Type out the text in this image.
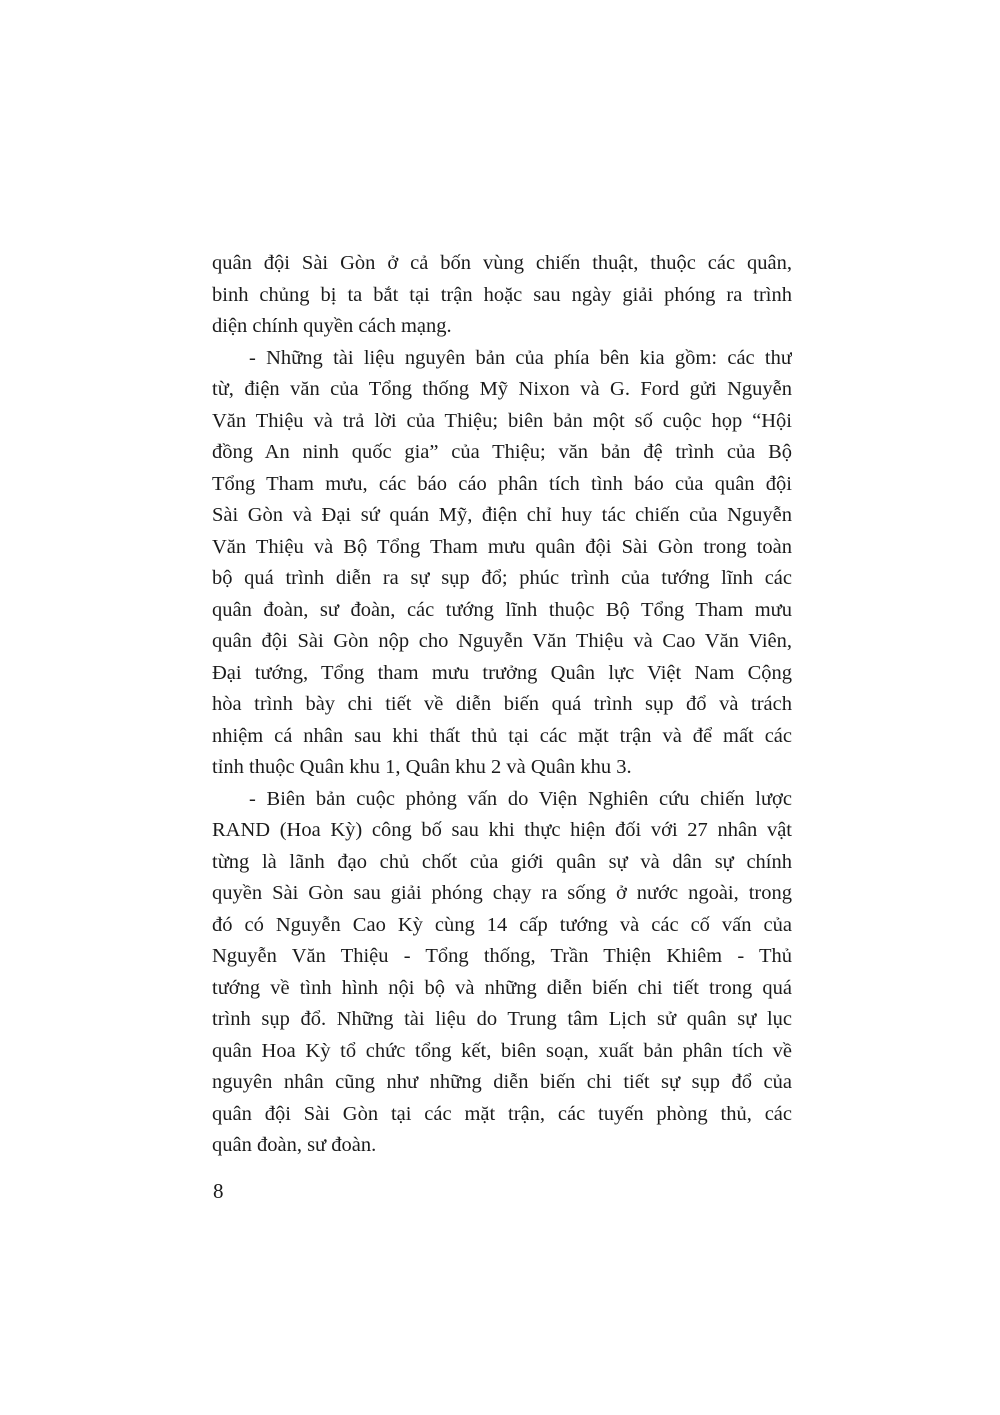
quân đội Sài Gòn ở cả bốn vùng chiến thuật, thuộc các quân,
binh chủng bị ta bắt tại trận hoặc sau ngày giải phóng ra trình
diện chính quyền cách mạng.
- Những tài liệu nguyên bản của phía bên kia gồm: các thư
từ, điện văn của Tổng thống Mỹ Nixon và G. Ford gửi Nguyễn
Văn Thiệu và trả lời của Thiệu; biên bản một số cuộc họp “Hội
đồng An ninh quốc gia” của Thiệu; văn bản đệ trình của Bộ
Tổng Tham mưu, các báo cáo phân tích tình báo của quân đội
Sài Gòn và Đại sứ quán Mỹ, điện chỉ huy tác chiến của Nguyễn
Văn Thiệu và Bộ Tổng Tham mưu quân đội Sài Gòn trong toàn
bộ quá trình diễn ra sự sụp đổ; phúc trình của tướng lĩnh các
quân đoàn, sư đoàn, các tướng lĩnh thuộc Bộ Tổng Tham mưu
quân đội Sài Gòn nộp cho Nguyễn Văn Thiệu và Cao Văn Viên,
Đại tướng, Tổng tham mưu trưởng Quân lực Việt Nam Cộng
hòa trình bày chi tiết về diễn biến quá trình sụp đổ và trách
nhiệm cá nhân sau khi thất thủ tại các mặt trận và để mất các
tỉnh thuộc Quân khu 1, Quân khu 2 và Quân khu 3.
- Biên bản cuộc phỏng vấn do Viện Nghiên cứu chiến lược
RAND (Hoa Kỳ) công bố sau khi thực hiện đối với 27 nhân vật
từng là lãnh đạo chủ chốt của giới quân sự và dân sự chính
quyền Sài Gòn sau giải phóng chạy ra sống ở nước ngoài, trong
đó có Nguyễn Cao Kỳ cùng 14 cấp tướng và các cố vấn của
Nguyễn Văn Thiệu - Tổng thống, Trần Thiện Khiêm - Thủ
tướng về tình hình nội bộ và những diễn biến chi tiết trong quá
trình sụp đổ. Những tài liệu do Trung tâm Lịch sử quân sự lục
quân Hoa Kỳ tổ chức tổng kết, biên soạn, xuất bản phân tích về
nguyên nhân cũng như những diễn biến chi tiết sự sụp đổ của
quân đội Sài Gòn tại các mặt trận, các tuyến phòng thủ, các
quân đoàn, sư đoàn.
8
